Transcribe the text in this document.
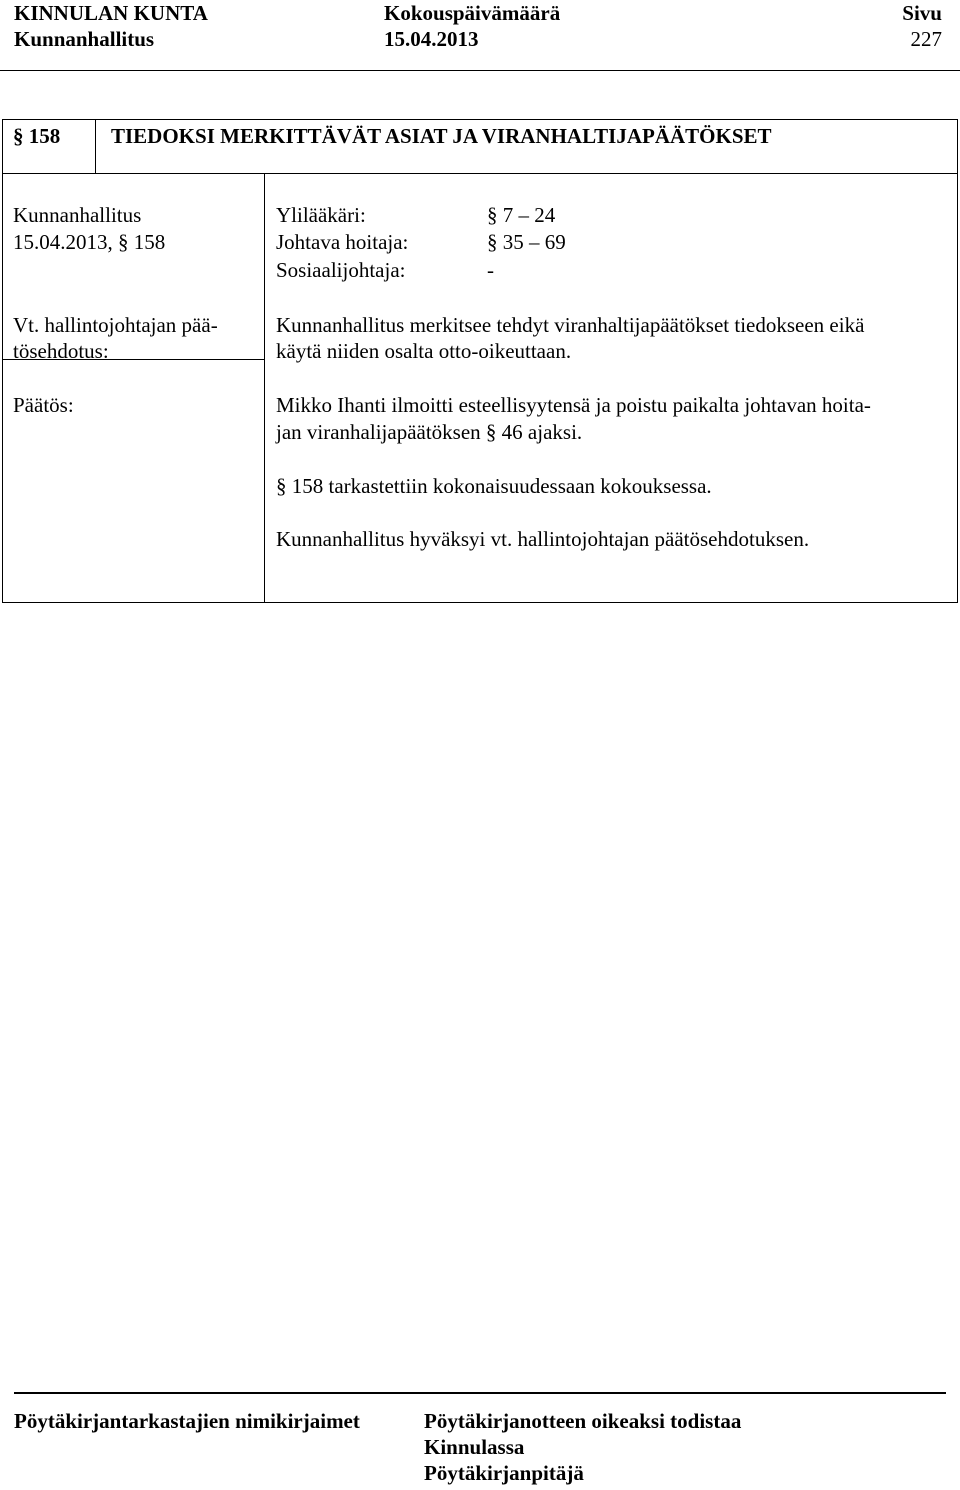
KINNULAN KUNTA
Kunnanhallitus
Kokouspäivämäärä
15.04.2013
Sivu
227
§ 158 TIEDOKSI MERKITTÄVÄT ASIAT JA VIRANHALTIJAPÄÄTÖKSET
Kunnanhallitus
15.04.2013, § 158
Vt. hallintojohtajan pää-
tösehdotus:
Päätös:
Ylilääkäri:	§ 7 – 24
Johtava hoitaja:	§ 35 – 69
Sosiaalijohtaja:	-
Kunnanhallitus merkitsee tehdyt viranhaltijapäätökset tiedokseen eikä
käytä niiden osalta otto-oikeuttaan.
Mikko Ihanti ilmoitti esteellisyytensä ja poistu paikalta johtavan hoita-
jan viranhalijapäätöksen § 46 ajaksi.
§ 158 tarkastettiin kokonaisuudessaan kokouksessa.
Kunnanhallitus hyväksyi vt. hallintojohtajan päätösehdotuksen.
Pöytäkirjantarkastajien nimikirjaimet	Pöytäkirjanotteen oikeaksi todistaa
Kinnulassa
Pöytäkirjanpitäjä
